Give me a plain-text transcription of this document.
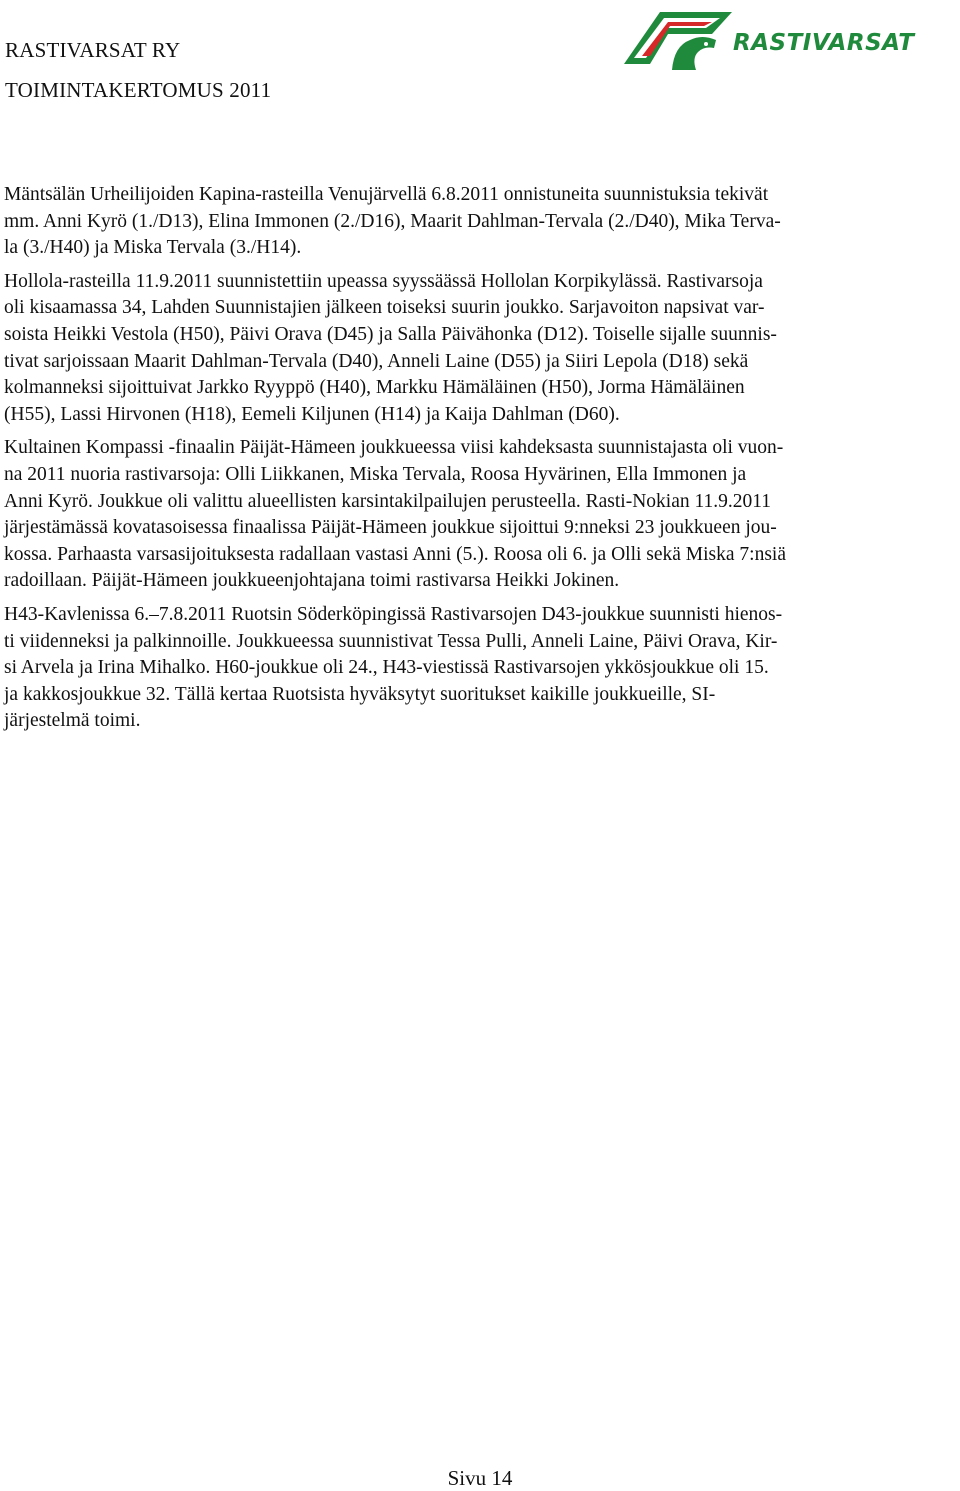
RASTIVARSAT RY
TOIMINTAKERTOMUS 2011
RASTIVARSAT

Mäntsälän Urheilijoiden Kapina-rasteilla Venujärvellä 6.8.2011 onnistuneita suunnistuksia tekivät
mm. Anni Kyrö (1./D13), Elina Immonen (2./D16), Maarit Dahlman-Tervala (2./D40), Mika Terva-
la (3./H40) ja Miska Tervala (3./H14).

Hollola-rasteilla 11.9.2011 suunnistettiin upeassa syyssäässä Hollolan Korpikylässä. Rastivarsoja
oli kisaamassa 34, Lahden Suunnistajien jälkeen toiseksi suurin joukko. Sarjavoiton napsivat var-
soista Heikki Vestola (H50), Päivi Orava (D45) ja Salla Päivähonka (D12). Toiselle sijalle suunnis-
tivat sarjoissaan Maarit Dahlman-Tervala (D40), Anneli Laine (D55) ja Siiri Lepola (D18) sekä
kolmanneksi sijoittuivat Jarkko Ryyppö (H40), Markku Hämäläinen (H50), Jorma Hämäläinen
(H55), Lassi Hirvonen (H18), Eemeli Kiljunen (H14) ja Kaija Dahlman (D60).

Kultainen Kompassi -finaalin Päijät-Hämeen joukkueessa viisi kahdeksasta suunnistajasta oli vuon-
na 2011 nuoria rastivarsoja: Olli Liikkanen, Miska Tervala, Roosa Hyvärinen, Ella Immonen ja
Anni Kyrö. Joukkue oli valittu alueellisten karsintakilpailujen perusteella. Rasti-Nokian 11.9.2011
järjestämässä kovatasoisessa finaalissa Päijät-Hämeen joukkue sijoittui 9:nneksi 23 joukkueen jou-
kossa. Parhaasta varsasijoituksesta radallaan vastasi Anni (5.). Roosa oli 6. ja Olli sekä Miska 7:nsiä
radoillaan. Päijät-Hämeen joukkueenjohtajana toimi rastivarsa Heikki Jokinen.

H43-Kavlenissa 6.–7.8.2011 Ruotsin Söderköpingissä Rastivarsojen D43-joukkue suunnisti hienos-
ti viidenneksi ja palkinnoille. Joukkueessa suunnistivat Tessa Pulli, Anneli Laine, Päivi Orava, Kir-
si Arvela ja Irina Mihalko. H60-joukkue oli 24., H43-viestissä Rastivarsojen ykkösjoukkue oli 15.
ja kakkosjoukkue 32. Tällä kertaa Ruotsista hyväksytyt suoritukset kaikille joukkueille, SI-
järjestelmä toimi.

Sivu 14
